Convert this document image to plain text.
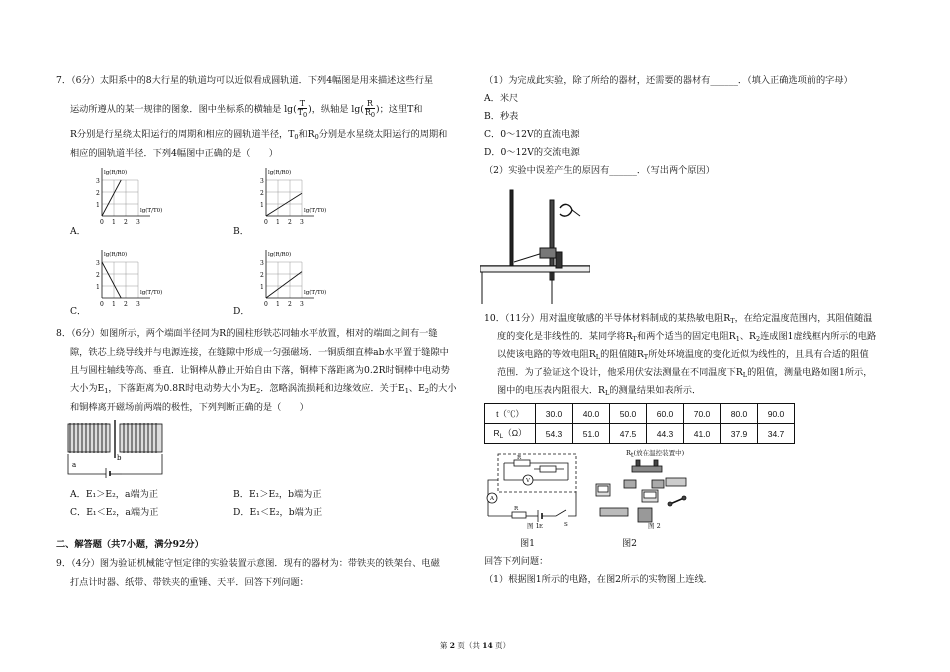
7．（6分）太阳系中的8大行星的轨道均可以近似看成圆轨道．下列4幅图是用来描述这些行星
运动所遵从的某一规律的图象．图中坐标系的横轴是 $\lg(\frac{T}{T_0}$ )，纵轴是 $\lg(\frac{R}{R_0}$ )；这里T和
R分别是行星绕太阳运行的周期和相应的圆轨道半径，$T_0$和$R_0$分别是水星绕太阳运行的周期和
相应的圆轨道半径．下列4幅图中正确的是（　　）
3
2
1
0 1 2 3
lg(R/R0)
lg(T/T0)
A．
3
2
1
0 1 2 3
lg(R/R0)
lg(T/T0)
B．
3
2
1
0 1 2 3
lg(R/R0)
lg(T/T0)
C．
3
2
1
0 1 2 3
lg(R/R0)
lg(T/T0)
D．
8．（6分）如图所示，两个端面半径同为R的圆柱形铁芯同轴水平放置，相对的端面之间有一缝
隙，铁芯上绕导线并与电源连接，在缝隙中形成一匀强磁场．一铜质细直棒ab水平置于缝隙中
且与圆柱轴线等高、垂直．让铜棒从静止开始自由下落，铜棒下落距离为0.2R时铜棒中电动势
大小为$E_1$，下落距离为0.8R时电动势大小为$E_2$．忽略涡流损耗和边缘效应．关于$E_1$、$E_2$的大小
和铜棒离开磁场前两端的极性，下列判断正确的是（　　）
a
b
A．E₁＞E₂，a端为正	B．E₁＞E₂，b端为正
C．E₁＜E₂，a端为正	D．E₁＜E₂，b端为正
二、解答题（共7小题，满分92分）
9．（4分）图为验证机械能守恒定律的实验装置示意图．现有的器材为：带铁夹的铁架台、电磁
打点计时器、纸带、带铁夹的重锤、天平．回答下列问题：
（1）为完成此实验，除了所给的器材，还需要的器材有______．（填入正确选项前的字母）
A．米尺
B．秒表
C．0～12V的直流电源
D．0～12V的交流电源
（2）实验中误差产生的原因有______．（写出两个原因）
10．（11分）用对温度敏感的半导体材料制成的某热敏电阻$R_T$，在给定温度范围内，其阻值随温
度的变化是非线性的．某同学将$R_T$和两个适当的固定电阻$R_1$、$R_2$连成图1虚线框内所示的电路
以使该电路的等效电阻$R_L$的阻值随$R_T$所处环境温度的变化近似为线性的，且具有合适的阻值
范围．为了验证这个设计，他采用伏安法测量在不同温度下$R_L$的阻值，测量电路如图1所示，
图中的电压表内阻很大．$R_L$的测量结果如表所示．
t（℃）	30.0	40.0	50.0	60.0	70.0	80.0	90.0
$R_L(\Omega)$	54.3	51.0	47.5	44.3	41.0	37.9	34.7
R
V
A
R
E	S
图 1
Rt(放在温控装置中)
图 2
图1	图2
回答下列问题：
（1）根据图1所示的电路，在图2所示的实物图上连线．
第 2 页（共 14 页）
